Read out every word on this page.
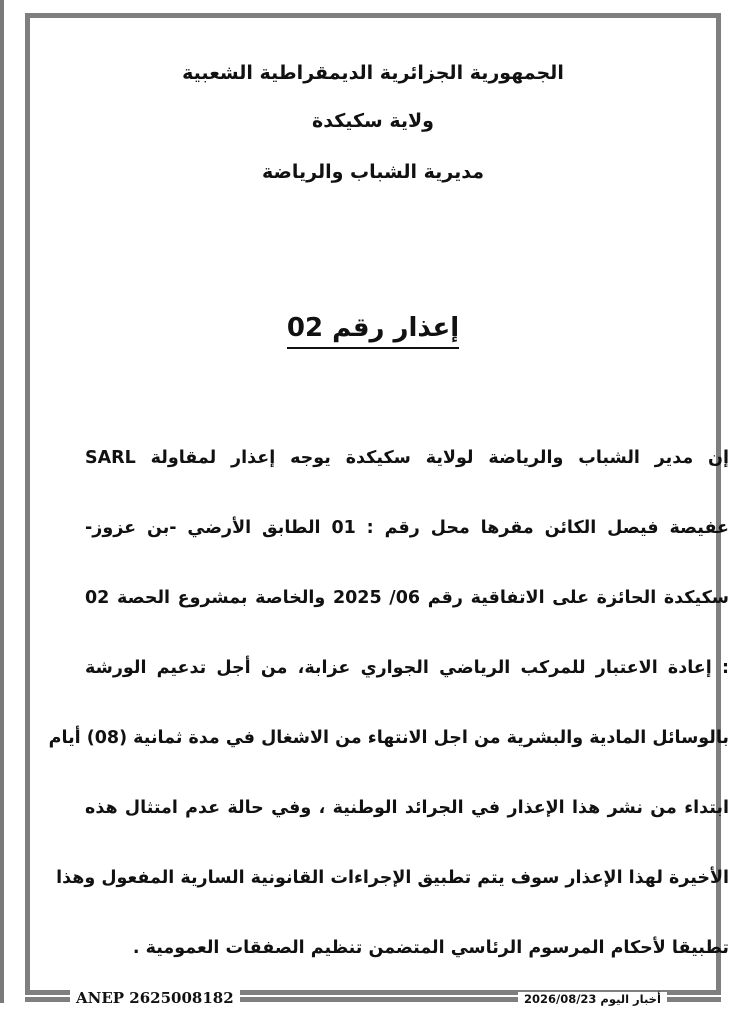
الجمهورية الجزائرية الديمقراطية الشعبية
ولاية سكيكدة
مديرية الشباب والرياضة
إعذار رقم 02
إن مدير الشباب والرياضة لولاية سكيكدة يوجه إعذار لمقاولة SARL
عفيصة فيصل الكائن مقرها محل رقم : 01 الطابق الأرضي -بن عزوز-
سكيكدة الحائزة على الاتفاقية رقم 06/ 2025 والخاصة بمشروع الحصة 02
: إعادة الاعتبار للمركب الرياضي الجواري عزابة، من أجل تدعيم الورشة
بالوسائل المادية والبشرية من اجل الانتهاء من الاشغال في مدة ثمانية (08) أيام
ابتداء من نشر هذا الإعذار في الجرائد الوطنية ، وفي حالة عدم امتثال هذه
الأخيرة لهذا الإعذار سوف يتم تطبيق الإجراءات القانونية السارية المفعول وهذا
تطبيقا لأحكام المرسوم الرئاسي المتضمن تنظيم الصفقات العمومية .
ANEP 2625008182	أخبار اليوم 2026/08/23
